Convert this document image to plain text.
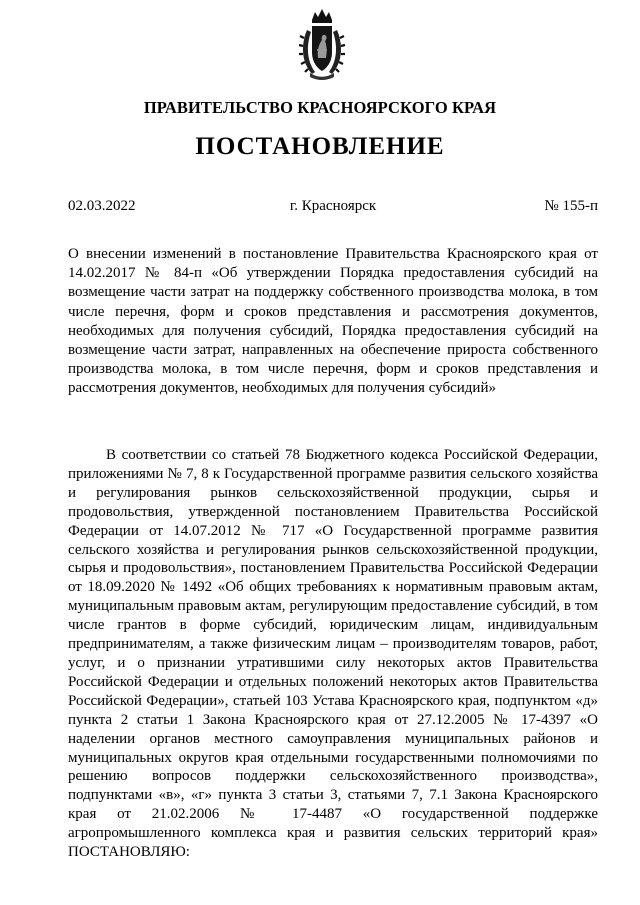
ПРАВИТЕЛЬСТВО КРАСНОЯРСКОГО КРАЯ
ПОСТАНОВЛЕНИЕ
02.03.2022	г. Красноярск	№ 155-п
О внесении изменений в постановление Правительства Красноярского края от 14.02.2017 № 84-п «Об утверждении Порядка предоставления субсидий на возмещение части затрат на поддержку собственного производства молока, в том числе перечня, форм и сроков представления и рассмотрения документов, необходимых для получения субсидий, Порядка предоставления субсидий на возмещение части затрат, направленных на обеспечение прироста собственного производства молока, в том числе перечня, форм и сроков представления и рассмотрения документов, необходимых для получения субсидий»
В соответствии со статьей 78 Бюджетного кодекса Российской Федерации, приложениями № 7, 8 к Государственной программе развития сельского хозяйства и регулирования рынков сельскохозяйственной продукции, сырья и продовольствия, утвержденной постановлением Правительства Российской Федерации от 14.07.2012 № 717 «О Государственной программе развития сельского хозяйства и регулирования рынков сельскохозяйственной продукции, сырья и продовольствия», постановлением Правительства Российской Федерации от 18.09.2020 № 1492 «Об общих требованиях к нормативным правовым актам, муниципальным правовым актам, регулирующим предоставление субсидий, в том числе грантов в форме субсидий, юридическим лицам, индивидуальным предпринимателям, а также физическим лицам – производителям товаров, работ, услуг, и о признании утратившими силу некоторых актов Правительства Российской Федерации и отдельных положений некоторых актов Правительства Российской Федерации», статьей 103 Устава Красноярского края, подпунктом «д» пункта 2 статьи 1 Закона Красноярского края от 27.12.2005 № 17-4397 «О наделении органов местного самоуправления муниципальных районов и муниципальных округов края отдельными государственными полномочиями по решению вопросов поддержки сельскохозяйственного производства», подпунктами «в», «г» пункта 3 статьи 3, статьями 7, 7.1 Закона Красноярского края от 21.02.2006 № 17-4487 «О государственной поддержке агропромышленного комплекса края и развития сельских территорий края» ПОСТАНОВЛЯЮ:
